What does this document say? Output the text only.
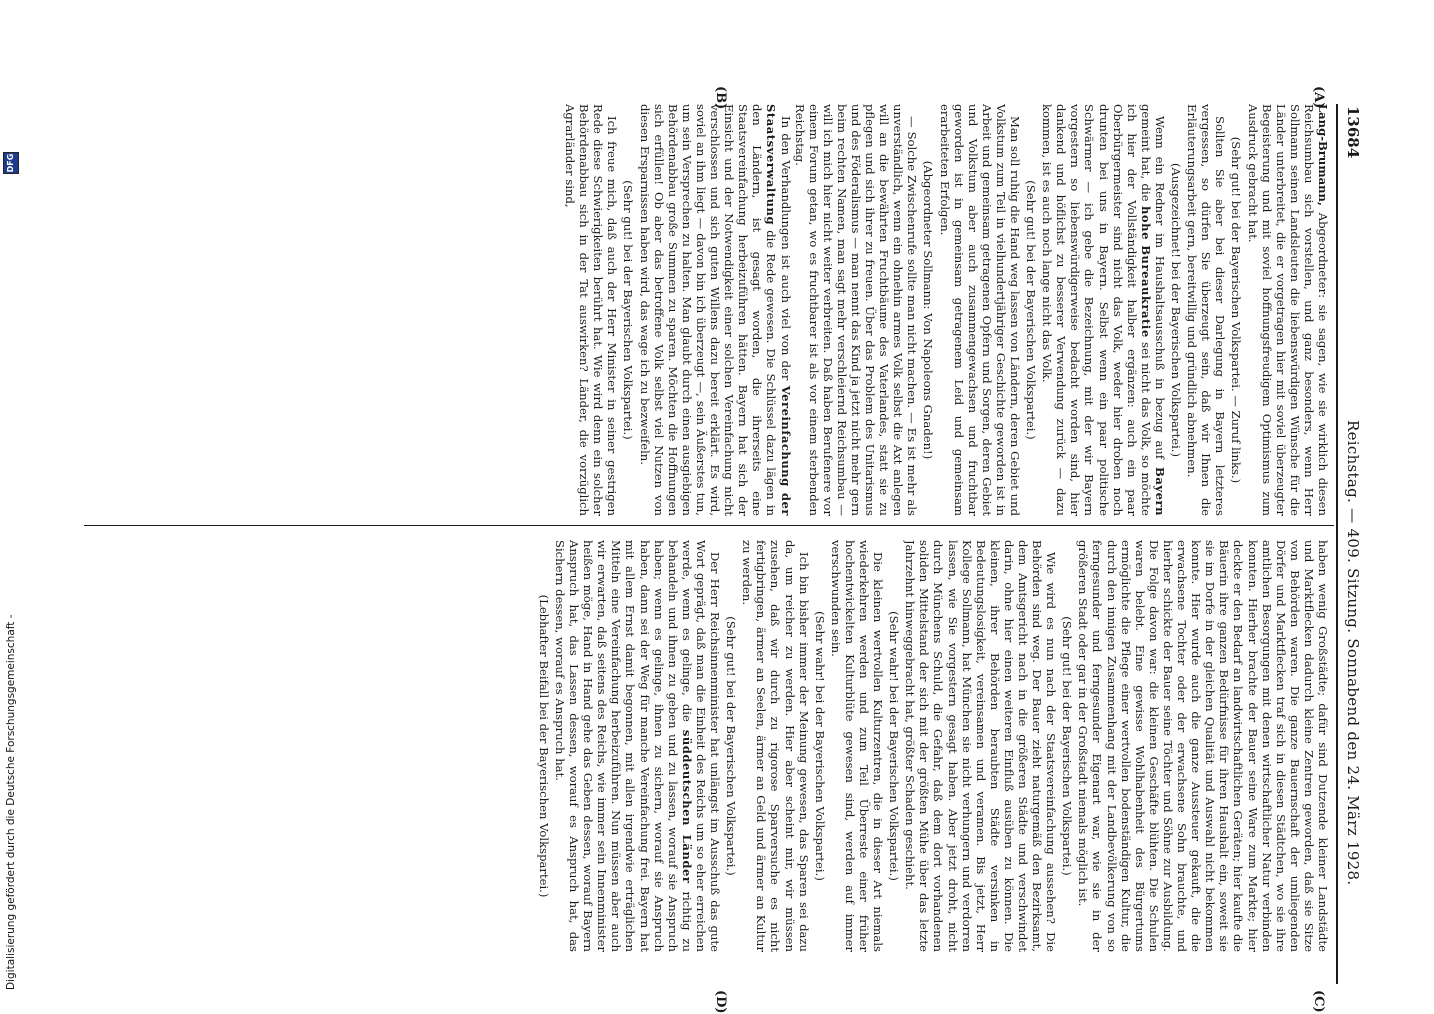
13684
Reichstag. — 409. Sitzung. Sonnabend den 24. März 1928.
(A)
(B)
(C)
(D)

Lang-Brumann, Abgeordneter: sie sagen, wie sie wirklich diesen Reichsumbau sich vorstellen, und ganz besonders, wenn Herr Sollmann seinen Landsleuten die liebenswürdigen Wünsche für die Länder unterbreitet, die er vorgetragen hier mit soviel überzeugter Begeisterung und mit soviel hoffnungsfreudigem Optimismus zum Ausdruck gebracht hat.

(Sehr gut! bei der Bayerischen Volkspartei. — Zuruf links.)

Sollten Sie aber bei dieser Darlegung in Bayern letzteres vergessen, so dürfen Sie überzeugt sein, daß wir Ihnen die Erläuterungsarbeit gern, bereitwillig und gründlich abnehmen.

(Ausgezeichnet! bei der Bayerischen Volkspartei.)

Wenn ein Redner im Haushaltsausschuß in bezug auf Bayern gemeint hat, die hohe Bureaukratie sei nicht das Volk, so möchte ich hier der Vollständigkeit halber ergänzen: auch ein paar Oberbürgermeister sind nicht das Volk, weder hier droben noch drunten bei uns in Bayern. Selbst wenn ein paar politische Schwärmer — ich gebe die Bezeichnung, mit der wir Bayern vorgestern so liebenswürdigerweise bedacht worden sind, hier dankend und höflichst zu besserer Verwendung zurück — dazu kommen, ist es auch noch lange nicht das Volk.

(Sehr gut! bei der Bayerischen Volkspartei.)

Man soll ruhig die Hand weg lassen von Ländern, deren Gebiet und Volkstum zum Teil in vielhundertjähriger Geschichte geworden ist in Arbeit und gemeinsam getragenen Opfern und Sorgen, deren Gebiet und Volkstum aber auch zusammengewachsen und fruchtbar geworden ist in gemeinsam getragenem Leid und gemeinsam erarbeiteten Erfolgen.

(Abgeordneter Sollmann: Von Napoleons Gnaden!)

— Solche Zwischenrufe sollte man nicht machen. — Es ist mehr als unverständlich, wenn ein ohnehin armes Volk selbst die Axt anlegen will an die bewährten Fruchtbäume des Vaterlandes, statt sie zu pflegen und sich ihrer zu freuen. Über das Problem des Unitarismus und des Föderalismus — man nennt das Kind ja jetzt nicht mehr gern beim rechten Namen, man sagt mehr verschleiernd Reichsumbau — will ich mich hier nicht weiter verbreiten. Daß haben Berufenere vor einem Forum getan, wo es fruchtbarer ist als vor einem sterbenden Reichstag.

In den Verhandlungen ist auch viel von der Vereinfachung der Staatsverwaltung die Rede gewesen. Die Schlüssel dazu lägen in den Ländern, ist gesagt worden, die ihrerseits eine Staatsvereinfachung herbeizuführen hätten. Bayern hat sich der Einsicht und der Notwendigkeit einer solchen Vereinfachung nicht verschlossen und sich guten Willens dazu bereit erklärt. Es wird, soviel an ihm liegt — davon bin ich überzeugt —, sein Äußerstes tun, um sein Versprechen zu halten. Man glaubt durch einen ausgiebigen Behördenabbau große Summen zu sparen. Möchten die Hoffnungen sich erfüllen! Ob aber das betroffene Volk selbst viel Nutzen von diesen Ersparnissen haben wird, das wage ich zu bezweifeln.

(Sehr gut! bei der Bayerischen Volkspartei.)

Ich freue mich, daß auch der Herr Minister in seiner gestrigen Rede diese Schwierigkeiten berührt hat. Wie wird denn ein solcher Behördenabbau sich in der Tat auswirken? Länder, die vorzüglich Agrarländer sind,

haben wenig Großstädte; dafür sind Dutzende kleiner Landstädte und Marktflecken dadurch kleine Zentren geworden, daß sie Sitze von Behörden waren. Die ganze Bauernschaft der umliegenden Dörfer und Marktflecken traf sich in diesen Städtchen, wo sie ihre amtlichen Besorgungen mit denen wirtschaftlicher Natur verbinden konnten. Hierher brachte der Bauer seine Ware zum Markte; hier deckte er den Bedarf an landwirtschaftlichen Geräten; hier kaufte die Bäuerin ihre ganzen Bedürfnisse für ihren Haushalt ein, soweit sie sie im Dorfe in der gleichen Qualität und Auswahl nicht bekommen konnte. Hier wurde auch die ganze Aussteuer gekauft, die die erwachsene Tochter oder der erwachsene Sohn brauchte, und hierher schickte der Bauer seine Töchter und Söhne zur Ausbildung. Die Folge davon war: die kleinen Geschäfte blühten. Die Schulen waren belebt. Eine gewisse Wohlhabenheit des Bürgertums ermöglichte die Pflege einer wertvollen bodenständigen Kultur, die durch den innigen Zusammenhang mit der Landbevölkerung von so ferngesunder und ferngesunder Eigenart war, wie sie in der größeren Stadt oder gar in der Großstadt niemals möglich ist.

(Sehr gut! bei der Bayerischen Volkspartei.)

Wie wird es nun nach der Staatsvereinfachung aussehen? Die Behörden sind weg. Der Bauer zieht naturgemäß den Bezirksamt, dem Amtsgericht nach in die größeren Städte und verschwindet darin, ohne hier einen weiteren Einfluß ausüben zu können. Die kleinen, ihrer Behörden beraubten Städte versinken in Bedeutungslosigkeit, vereinsamen und veramen. Bis jetzt, Herr Kollege Sollmann, hat München sie nicht verhungern und verdorren lassen, wie Sie vorgestern gesagt haben. Aber jetzt droht, nicht durch Münchens Schuld, die Gefahr, daß dem dort vorhandenen soliden Mittelstand der sich mit der größten Mühe über das letzte Jahrzehnt hinweggebracht hat, größter Schaden geschieht.

(Sehr wahr! bei der Bayerischen Volkspartei.)

Die kleinen wertvollen Kulturzentren, die in dieser Art niemals wiederkehren werden und zum Teil Überreste einer früher hochentwickelten Kulturblüte gewesen sind, werden auf immer verschwunden sein.

(Sehr wahr! bei der Bayerischen Volkspartei.)

Ich bin bisher immer der Meinung gewesen, das Sparen sei dazu da, um reicher zu werden. Hier aber scheint mir, wir müssen zusehen, daß wir durch zu rigorose Sparversuche es nicht fertigbringen, ärmer an Seelen, ärmer an Geld und ärmer an Kultur zu werden.

(Sehr gut! bei der Bayerischen Volkspartei.)

Der Herr Reichsinnenminister hat unlängst im Ausschuß das gute Wort geprägt, daß man die Einheit des Reichs um so eher erreichen werde, wenn es gelinge, die süddeutschen Länder richtig zu behandeln und ihnen zu geben und zu lassen, worauf sie Anspruch haben; wenn es gelinge, ihnen zu sichern, worauf sie Anspruch haben, dann sei der Weg für manche Vereinfachung frei. Bayern hat mit allem Ernst damit begonnen, mit allen irgendwie erträglichen Mitteln eine Vereinfachung herbeizuführen. Nun müssen aber auch wir erwarten, daß seitens des Reichs, wie immer sein Innenminister heißen möge, Hand in Hand gehe das Geben dessen, worauf Bayern Anspruch hat, das Lassen dessen, worauf es Anspruch hat, das Sichern dessen, worauf es Anspruch hat.

(Lebhafter Beifall bei der Bayerischen Volkspartei.)

Digitalisierung gefördert durch die Deutsche Forschungsgemeinschaft -
DFG
